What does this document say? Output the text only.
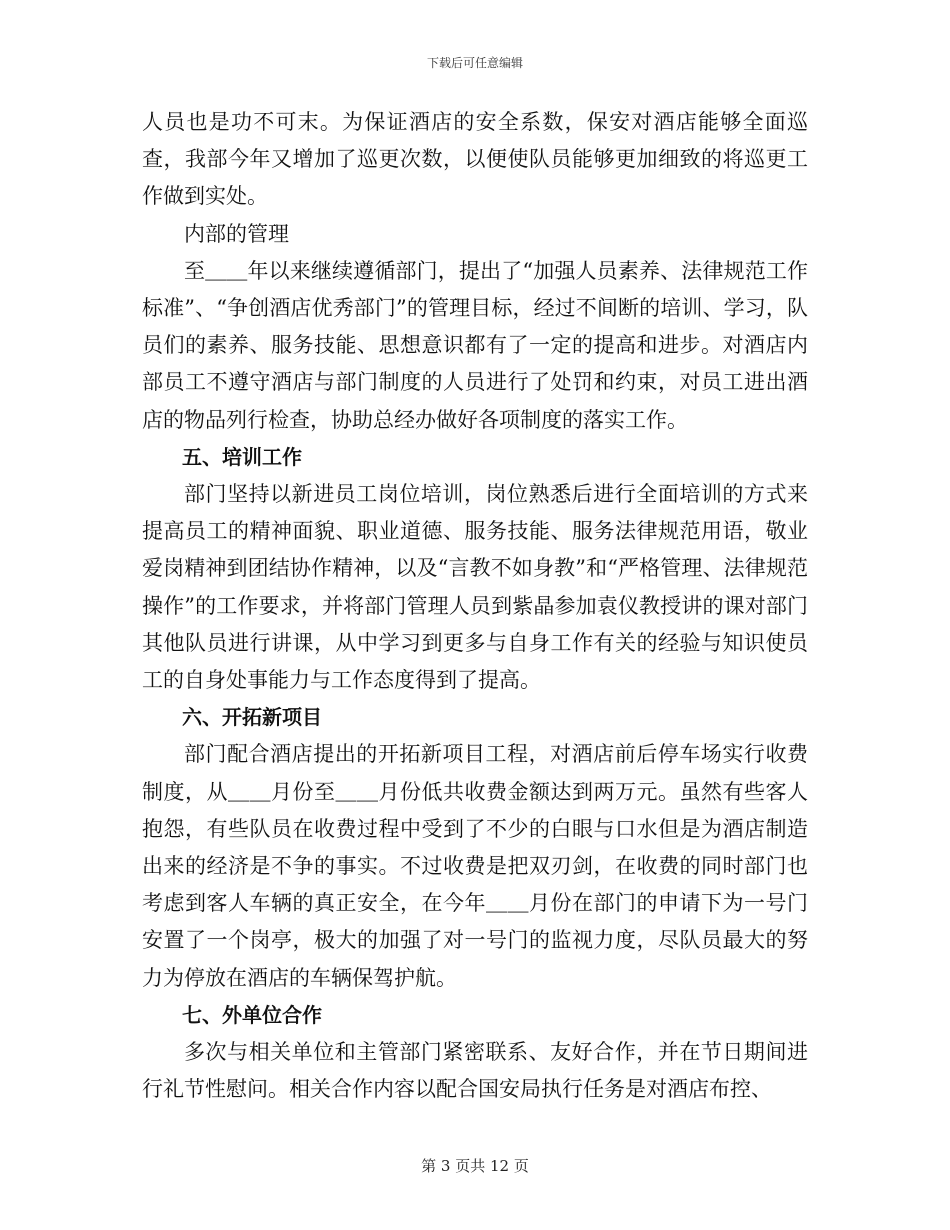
下载后可任意编辑

人员也是功不可末。为保证酒店的安全系数，保安对酒店能够全面巡查，我部今年又增加了巡更次数，以便使队员能够更加细致的将巡更工作做到实处。

内部的管理

至＿＿年以来继续遵循部门，提出了“加强人员素养、法律规范工作标准”、“争创酒店优秀部门”的管理目标，经过不间断的培训、学习，队员们的素养、服务技能、思想意识都有了一定的提高和进步。对酒店内部员工不遵守酒店与部门制度的人员进行了处罚和约束，对员工进出酒店的物品列行检查，协助总经办做好各项制度的落实工作。

五、培训工作

部门坚持以新进员工岗位培训，岗位熟悉后进行全面培训的方式来提高员工的精神面貌、职业道德、服务技能、服务法律规范用语，敬业爱岗精神到团结协作精神，以及“言教不如身教”和“严格管理、法律规范操作”的工作要求，并将部门管理人员到紫晶参加袁仪教授讲的课对部门其他队员进行讲课，从中学习到更多与自身工作有关的经验与知识使员工的自身处事能力与工作态度得到了提高。

六、开拓新项目

部门配合酒店提出的开拓新项目工程，对酒店前后停车场实行收费制度，从＿＿月份至＿＿月份低共收费金额达到两万元。虽然有些客人抱怨，有些队员在收费过程中受到了不少的白眼与口水但是为酒店制造出来的经济是不争的事实。不过收费是把双刃剑，在收费的同时部门也考虑到客人车辆的真正安全，在今年＿＿月份在部门的申请下为一号门安置了一个岗亭，极大的加强了对一号门的监视力度，尽队员最大的努力为停放在酒店的车辆保驾护航。

七、外单位合作

多次与相关单位和主管部门紧密联系、友好合作，并在节日期间进行礼节性慰问。相关合作内容以配合国安局执行任务是对酒店布控、

第 3 页共 12 页
